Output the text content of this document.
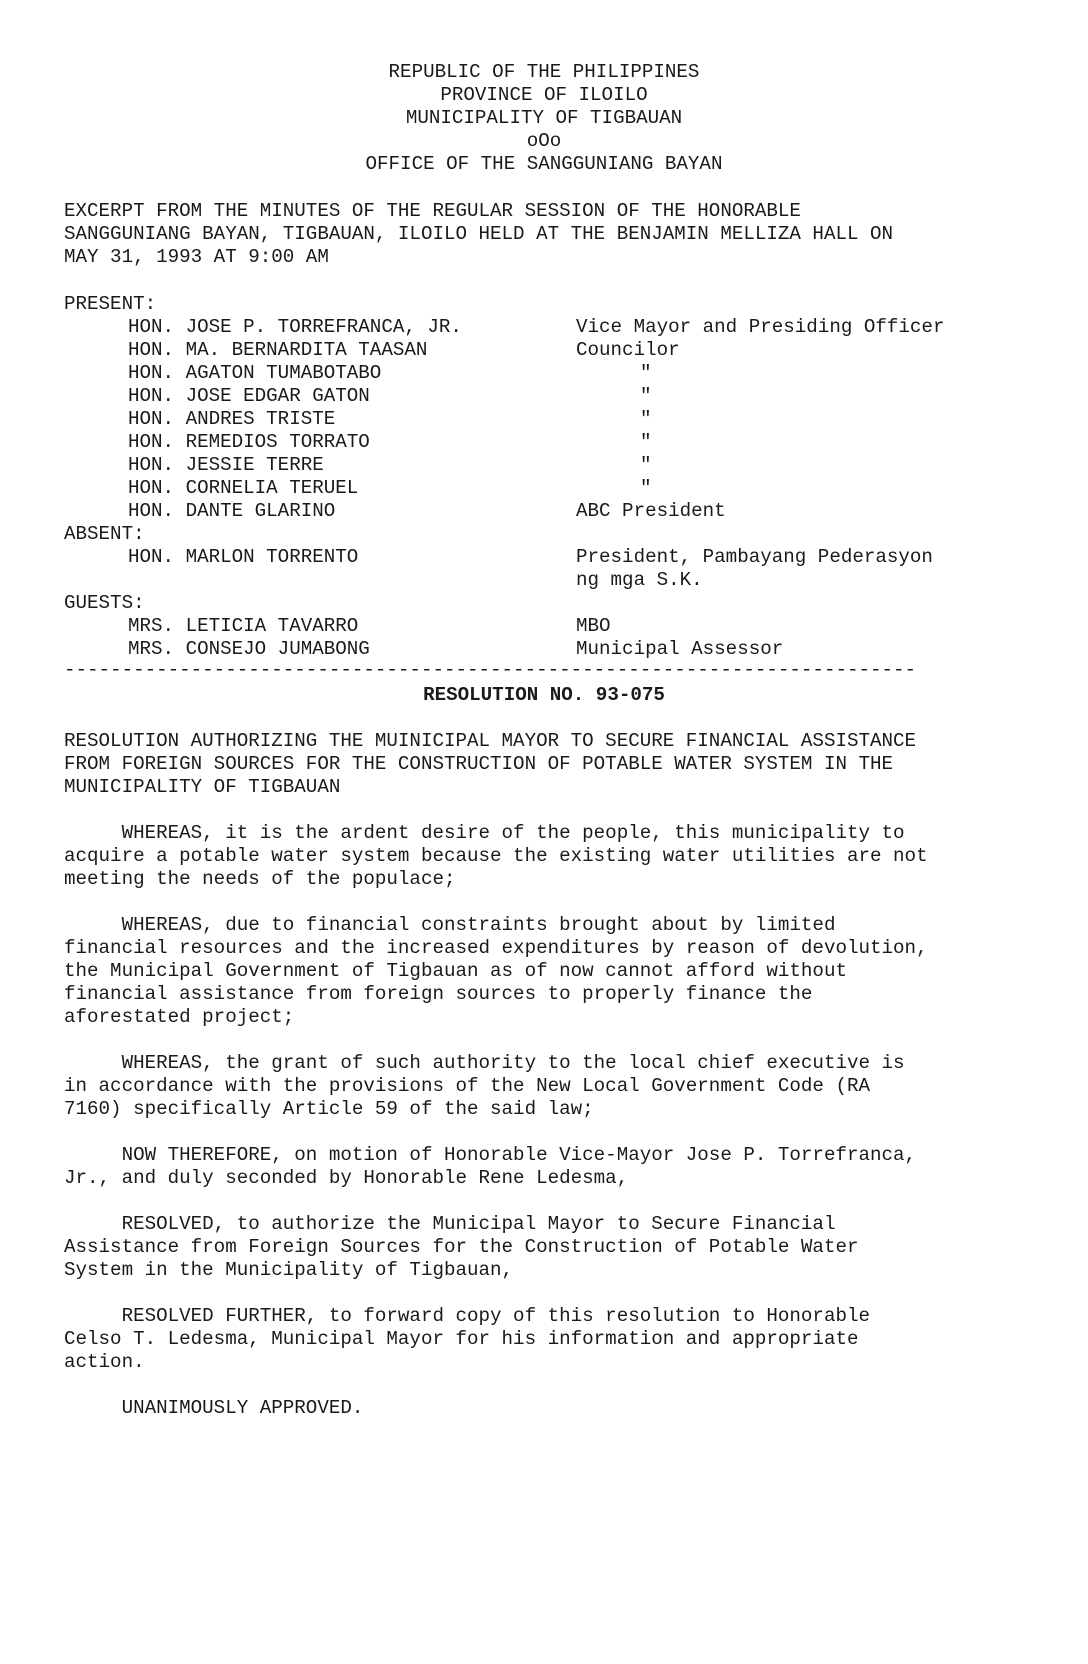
REPUBLIC OF THE PHILIPPINES
PROVINCE OF ILOILO
MUNICIPALITY OF TIGBAUAN
oOo
OFFICE OF THE SANGGUNIANG BAYAN
EXCERPT FROM THE MINUTES OF THE REGULAR SESSION OF THE HONORABLE
SANGGUNIANG BAYAN, TIGBAUAN, ILOILO HELD AT THE BENJAMIN MELLIZA HALL ON
MAY 31, 1993 AT 9:00 AM
PRESENT:
HON. JOSE P. TORREFRANCA, JR.	Vice Mayor and Presiding Officer
HON. MA. BERNARDITA TAASAN	Councilor
HON. AGATON TUMABOTABO	"
HON. JOSE EDGAR GATON	"
HON. ANDRES TRISTE	"
HON. REMEDIOS TORRATO	"
HON. JESSIE TERRE	"
HON. CORNELIA TERUEL	"
HON. DANTE GLARINO	ABC President
ABSENT:
HON. MARLON TORRENTO	President, Pambayang Pederasyon
ng mga S.K.
GUESTS:
MRS. LETICIA TAVARRO	MBO
MRS. CONSEJO JUMABONG	Municipal Assessor
--------------------------------------------------------------------------
RESOLUTION NO. 93-075
RESOLUTION AUTHORIZING THE MUINICIPAL MAYOR TO SECURE FINANCIAL ASSISTANCE
FROM FOREIGN SOURCES FOR THE CONSTRUCTION OF POTABLE WATER SYSTEM IN THE
MUNICIPALITY OF TIGBAUAN
WHEREAS, it is the ardent desire of the people, this municipality to
acquire a potable water system because the existing water utilities are not
meeting the needs of the populace;
WHEREAS, due to financial constraints brought about by limited
financial resources and the increased expenditures by reason of devolution,
the Municipal Government of Tigbauan as of now cannot afford without
financial assistance from foreign sources to properly finance the
aforestated project;
WHEREAS, the grant of such authority to the local chief executive is
in accordance with the provisions of the New Local Government Code (RA
7160) specifically Article 59 of the said law;
NOW THEREFORE, on motion of Honorable Vice-Mayor Jose P. Torrefranca,
Jr., and duly seconded by Honorable Rene Ledesma,
RESOLVED, to authorize the Municipal Mayor to Secure Financial
Assistance from Foreign Sources for the Construction of Potable Water
System in the Municipality of Tigbauan,
RESOLVED FURTHER, to forward copy of this resolution to Honorable
Celso T. Ledesma, Municipal Mayor for his information and appropriate
action.
UNANIMOUSLY APPROVED.
